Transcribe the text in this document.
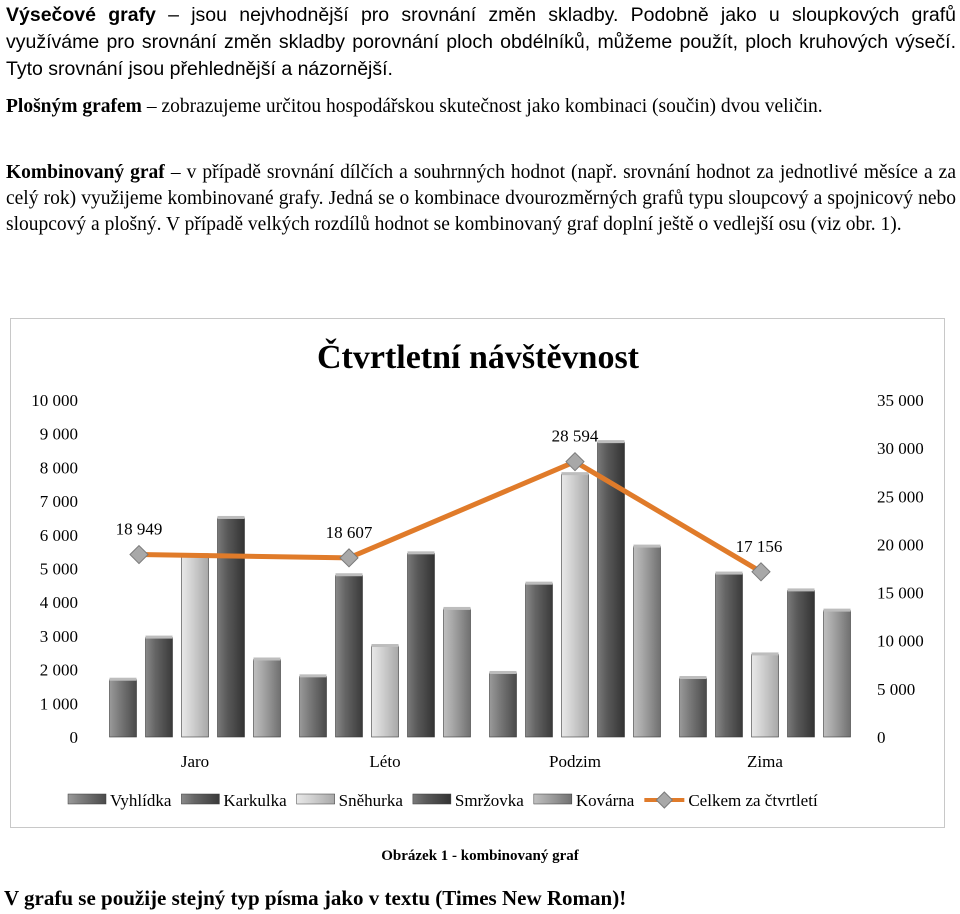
Výsečové grafy – jsou nejvhodnější pro srovnání změn skladby. Podobně jako u sloupkových grafů využíváme pro srovnání změn skladby porovnání ploch obdélníků, můžeme použít, ploch kruhových výsečí. Tyto srovnání jsou přehlednější a názornější.

Plošným grafem – zobrazujeme určitou hospodářskou skutečnost jako kombinaci (součin) dvou veličin.

Kombinovaný graf – v případě srovnání dílčích a souhrnných hodnot (např. srovnání hodnot za jednotlivé měsíce a za celý rok) využijeme kombinované grafy. Jedná se o kombinace dvourozměrných grafů typu sloupcový a spojnicový nebo sloupcový a plošný. V případě velkých rozdílů hodnot se kombinovaný graf doplní ještě o vedlejší osu (viz obr. 1).

Čtvrtletní návštěvnost
0
1 000
2 000
3 000
4 000
5 000
6 000
7 000
8 000
9 000
10 000
0
5 000
10 000
15 000
20 000
25 000
30 000
35 000
18 949	18 607
28 594
17 156
Jaro	Léto	Podzim	Zima
Vyhlídka	Karkulka	Sněhurka	Smržovka	Kovárna	Celkem za čtvrtletí
Obrázek 1 - kombinovaný graf
V grafu se použije stejný typ písma jako v textu (Times New Roman)!
